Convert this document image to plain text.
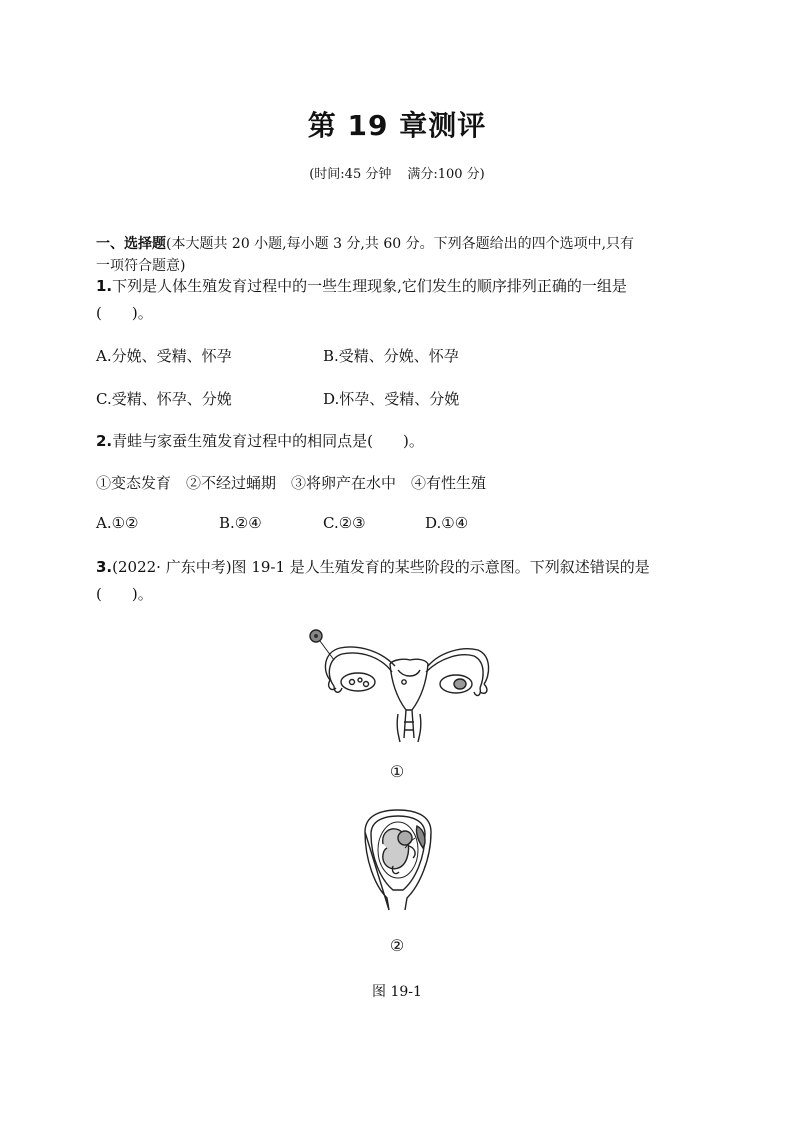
第 19 章测评
(时间:45 分钟 满分:100 分)
一、选择题(本大题共 20 小题,每小题 3 分,共 60 分。下列各题给出的四个选项中,只有
一项符合题意)
1.下列是人体生殖发育过程中的一些生理现象,它们发生的顺序排列正确的一组是
(　　)。
A.分娩、受精、怀孕	B.受精、分娩、怀孕
C.受精、怀孕、分娩	D.怀孕、受精、分娩
2.青蛙与家蚕生殖发育过程中的相同点是(　　)。
①变态发育　②不经过蛹期　③将卵产在水中　④有性生殖
A.①②	B.②④	C.②③	D.①④
3.(2022· 广东中考)图 19-1 是人生殖发育的某些阶段的示意图。下列叙述错误的是
(　　)。
①
②
图 19-1
